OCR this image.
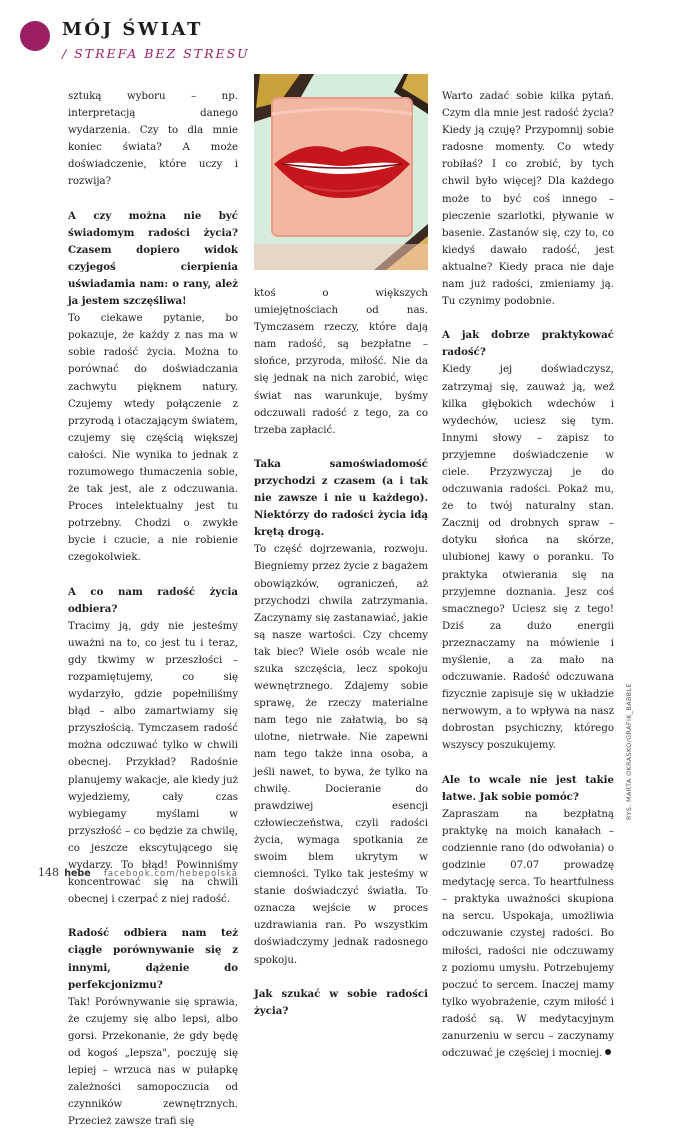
MÓJ ŚWIAT
/ STREFA BEZ STRESU

sztuką wyboru – np. interpretacją danego wydarzenia. Czy to dla mnie koniec świata? A może doświadczenie, które uczy i rozwija?

A czy można nie być świadomym radości życia? Czasem dopiero widok czyjegoś cierpienia uświadamia nam: o rany, ależ ja jestem szczęśliwa!

To ciekawe pytanie, bo pokazuje, że każdy z nas ma w sobie radość życia. Można to porównać do doświadczania zachwytu pięknem natury. Czujemy wtedy połączenie z przyrodą i otaczającym światem, czujemy się częścią większej całości. Nie wynika to jednak z rozumowego tłumaczenia sobie, że tak jest, ale z odczuwania. Proces intelektualny jest tu potrzebny. Chodzi o zwykłe bycie i czucie, a nie robienie czegokolwiek.

A co nam radość życia odbiera?

Tracimy ją, gdy nie jesteśmy uważni na to, co jest tu i teraz, gdy tkwimy w przeszłości – rozpamiętujemy, co się wydarzyło, gdzie popełniliśmy błąd – albo zamartwiamy się przyszłością. Tymczasem radość można odczuwać tylko w chwili obecnej. Przykład? Radośnie planujemy wakacje, ale kiedy już wyjedziemy, cały czas wybiegamy myślami w przyszłość – co będzie za chwilę, co jeszcze ekscytującego się wydarzy. To błąd! Powinniśmy koncentrować się na chwili obecnej i czerpać z niej radość.

Radość odbiera nam też ciągłe porównywanie się z innymi, dążenie do perfekcjonizmu?

Tak! Porównywanie się sprawia, że czujemy się albo lepsi, albo gorsi. Przekonanie, że gdy będę od kogoś „lepsza", poczuję się lepiej – wrzuca nas w pułapkę zależności samopoczucia od czynników zewnętrznych. Przecież zawsze trafi się

ktoś o większych umiejętnościach od nas. Tymczasem rzeczy, które dają nam radość, są bezpłatne – słońce, przyroda, miłość. Nie da się jednak na nich zarobić, więc świat nas warunkuje, byśmy odczuwali radość z tego, za co trzeba zapłacić.

Taka samoświadomość przychodzi z czasem (a i tak nie zawsze i nie u każdego). Niektórzy do radości życia idą krętą drogą.

To część dojrzewania, rozwoju. Biegniemy przez życie z bagażem obowiązków, ograniczeń, aż przychodzi chwila zatrzymania. Zaczynamy się zastanawiać, jakie są nasze wartości. Czy chcemy tak biec? Wiele osób wcale nie szuka szczęścia, lecz spokoju wewnętrznego. Zdajemy sobie sprawę, że rzeczy materialne nam tego nie załatwią, bo są ulotne, nietrwałe. Nie zapewni nam tego także inna osoba, a jeśli nawet, to bywa, że tylko na chwilę. Docieranie do prawdziwej esencji człowieczeństwa, czyli radości życia, wymaga spotkania ze swoim blem ukrytym w ciemności. Tylko tak jesteśmy w stanie doświadczyć światła. To oznacza wejście w proces uzdrawiania ran. Po wszystkim doświadczymy jednak radosnego spokoju.

Jak szukać w sobie radości życia?

Warto zadać sobie kilka pytań. Czym dla mnie jest radość życia? Kiedy ją czuję? Przypomnij sobie radosne momenty. Co wtedy robiłaś? I co zrobić, by tych chwil było więcej? Dla każdego może to być coś innego – pieczenie szarlotki, pływanie w basenie. Zastanów się, czy to, co kiedyś dawało radość, jest aktualne? Kiedy praca nie daje nam już radości, zmieniamy ją. Tu czynimy podobnie.

A jak dobrze praktykować radość?

Kiedy jej doświadczysz, zatrzymaj się, zauważ ją, weź kilka głębokich wdechów i wydechów, uciesz się tym. Innymi słowy – zapisz to przyjemne doświadczenie w ciele. Przyzwyczaj je do odczuwania radości. Pokaż mu, że to twój naturalny stan. Zacznij od drobnych spraw – dotyku słońca na skórze, ulubionej kawy o poranku. To praktyka otwierania się na przyjemne doznania. Jesz coś smacznego? Uciesz się z tego! Dziś za dużo energii przeznaczamy na mówienie i myślenie, a za mało na odczuwanie. Radość odczuwana fizycznie zapisuje się w układzie nerwowym, a to wpływa na nasz dobrostan psychiczny, którego wszyscy poszukujemy.

Ale to wcale nie jest takie łatwe. Jak sobie pomóc?

Zapraszam na bezpłatną praktykę na moich kanałach – codziennie rano (do odwołania) o godzinie 07.07 prowadzę medytację serca. To heartfulness – praktyka uważności skupiona na sercu. Uspokaja, umożliwia odczuwanie czystej radości. Bo miłości, radości nie odczuwamy z poziomu umysłu. Potrzebujemy poczuć to sercem. Inaczej mamy tylko wyobrażenie, czym miłość i radość są. W medytacyjnym zanurzeniu w sercu – zaczynamy odczuwać je częściej i mocniej.

RYS. MARTA OKRASKO/GRAFIK_BABBLE
148 hebe facebook.com/hebepolska
